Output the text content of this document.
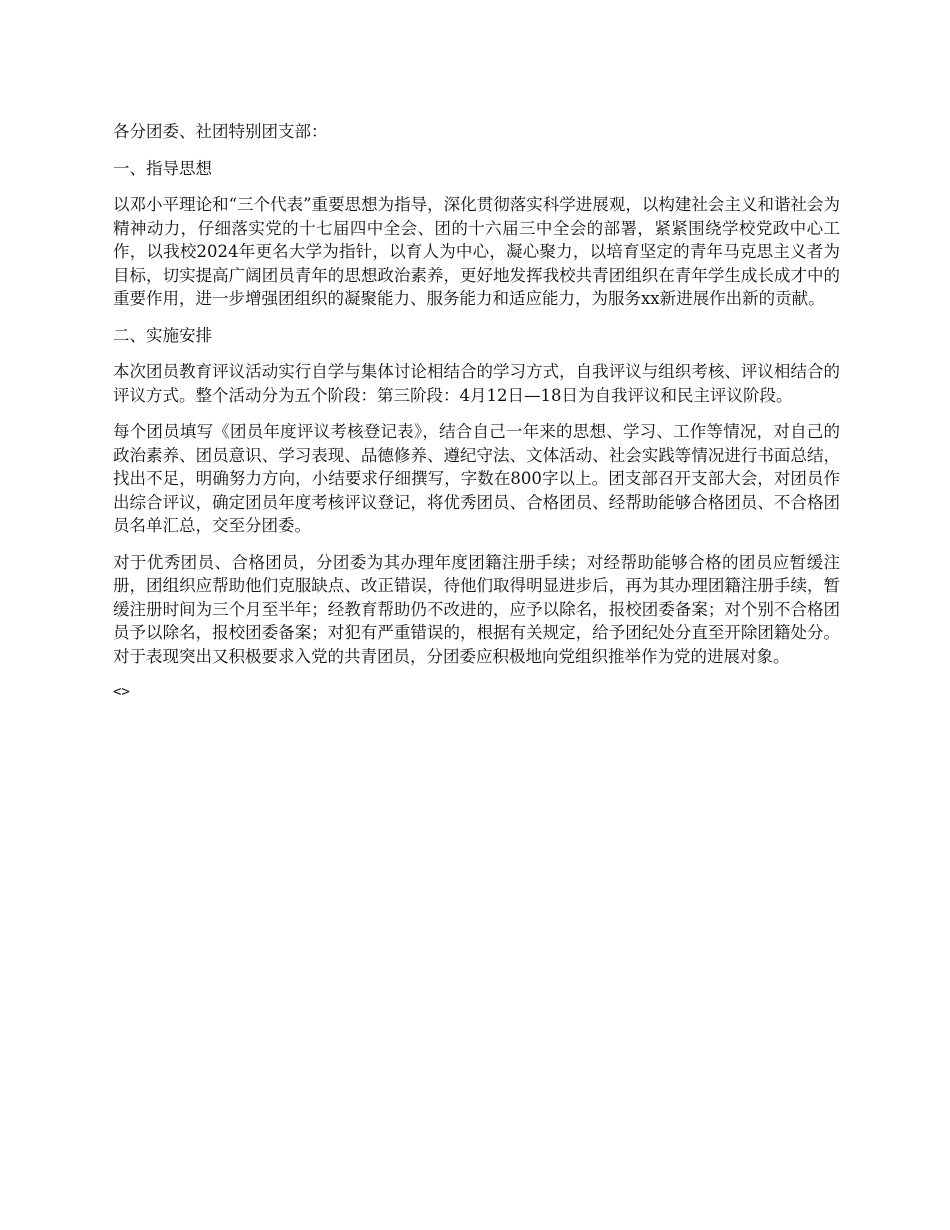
各分团委、社团特别团支部：

一、指导思想

以邓小平理论和“三个代表”重要思想为指导，深化贯彻落实科学进展观，以构建社会主义和谐社会为精神动力，仔细落实党的十七届四中全会、团的十六届三中全会的部署，紧紧围绕学校党政中心工作，以我校2024年更名大学为指针，以育人为中心，凝心聚力，以培育坚定的青年马克思主义者为目标，切实提高广阔团员青年的思想政治素养，更好地发挥我校共青团组织在青年学生成长成才中的重要作用，进一步增强团组织的凝聚能力、服务能力和适应能力，为服务xx新进展作出新的贡献。

二、实施安排

本次团员教育评议活动实行自学与集体讨论相结合的学习方式，自我评议与组织考核、评议相结合的评议方式。整个活动分为五个阶段：第三阶段：4月12日—18日为自我评议和民主评议阶段。

每个团员填写《团员年度评议考核登记表》，结合自己一年来的思想、学习、工作等情况，对自己的政治素养、团员意识、学习表现、品德修养、遵纪守法、文体活动、社会实践等情况进行书面总结，找出不足，明确努力方向，小结要求仔细撰写，字数在800字以上。团支部召开支部大会，对团员作出综合评议，确定团员年度考核评议登记，将优秀团员、合格团员、经帮助能够合格团员、不合格团员名单汇总，交至分团委。

对于优秀团员、合格团员，分团委为其办理年度团籍注册手续；对经帮助能够合格的团员应暂缓注册，团组织应帮助他们克服缺点、改正错误，待他们取得明显进步后，再为其办理团籍注册手续，暂缓注册时间为三个月至半年；经教育帮助仍不改进的，应予以除名，报校团委备案；对个别不合格团员予以除名，报校团委备案；对犯有严重错误的，根据有关规定，给予团纪处分直至开除团籍处分。对于表现突出又积极要求入党的共青团员，分团委应积极地向党组织推举作为党的进展对象。

<>
